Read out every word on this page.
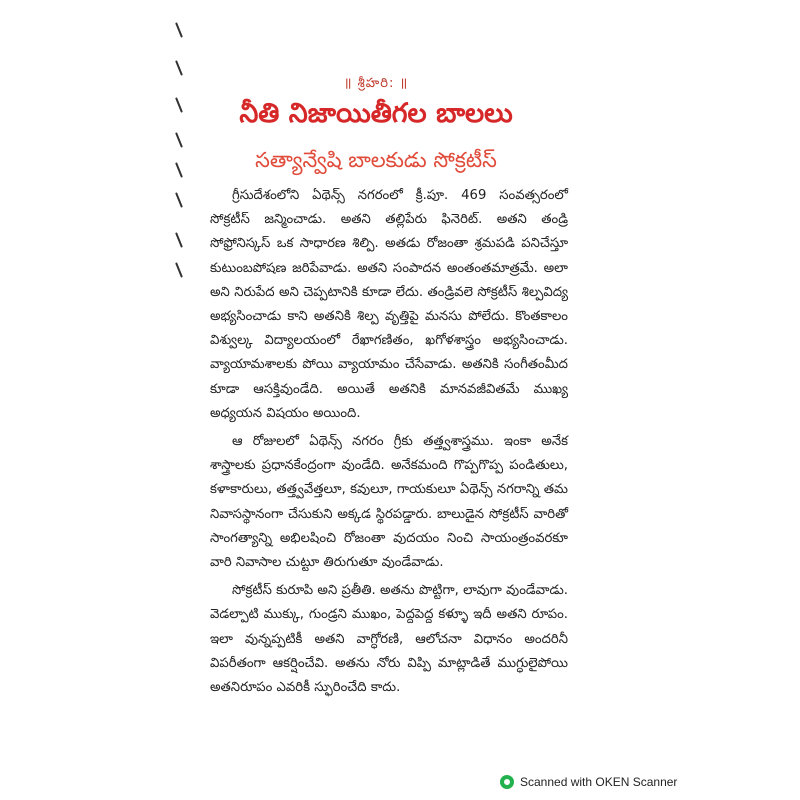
॥ శ్రీహరి: ॥
నీతి నిజాయితీగల బాలలు
సత్యాన్వేషి బాలకుడు సోక్రటీస్

గ్రీసుదేశంలోని ఏథెన్స్ నగరంలో క్రీ.పూ. 469 సంవత్సరంలో సోక్రటీస్ జన్మించాడు. అతని తల్లిపేరు ఫినెరిట్. అతని తండ్రి సోఫ్రోనిస్కస్ ఒక సాధారణ శిల్పి. అతడు రోజంతా శ్రమపడి పనిచేస్తూ కుటుంబపోషణ జరిపేవాడు. అతని సంపాదన అంతంతమాత్రమే. అలా అని నిరుపేద అని చెప్పటానికి కూడా లేదు. తండ్రివలె సోక్రటీస్ శిల్పవిద్య అభ్యసించాడు కాని అతనికి శిల్ప వృత్తిపై మనసు పోలేదు. కొంతకాలం విశ్వుల్క విద్యాలయంలో రేఖాగణితం, ఖగోళశాస్త్రం అభ్యసించాడు. వ్యాయామశాలకు పోయి వ్యాయామం చేసేవాడు. అతనికి సంగీతంమీద కూడా ఆసక్తివుండేది. అయితే అతనికి మానవజీవితమే ముఖ్య అధ్యయన విషయం అయింది.

ఆ రోజులలో ఏథెన్స్ నగరం గ్రీకు తత్త్వశాస్త్రము. ఇంకా అనేక శాస్త్రాలకు ప్రధానకేంద్రంగా వుండేది. అనేకమంది గొప్పగొప్ప పండితులు, కళాకారులు, తత్త్వవేత్తలూ, కవులూ, గాయకులూ ఏథెన్స్ నగరాన్ని తమ నివాసస్థానంగా చేసుకుని అక్కడ స్థిరపడ్డారు. బాలుడైన సోక్రటీస్ వారితో సాంగత్యాన్ని అభిలషించి రోజంతా వుదయం నించి సాయంత్రంవరకూ వారి నివాసాల చుట్టూ తిరుగుతూ వుండేవాడు.

సోక్రటీస్ కురూపి అని ప్రతీతి. అతను పొట్టిగా, లావుగా వుండేవాడు. వెడల్పాటి ముక్కు, గుండ్రని ముఖం, పెద్దపెద్ద కళ్ళూ ఇదీ అతని రూపం. ఇలా వున్నప్పటికీ అతని వాగ్ధోరణి, ఆలోచనా విధానం అందరినీ విపరీతంగా ఆకర్షించేవి. అతను నోరు విప్పి మాట్లాడితే ముగ్ధులైపోయి అతనిరూపం ఎవరికీ స్ఫురించేది కాదు.

Scanned with OKEN Scanner
